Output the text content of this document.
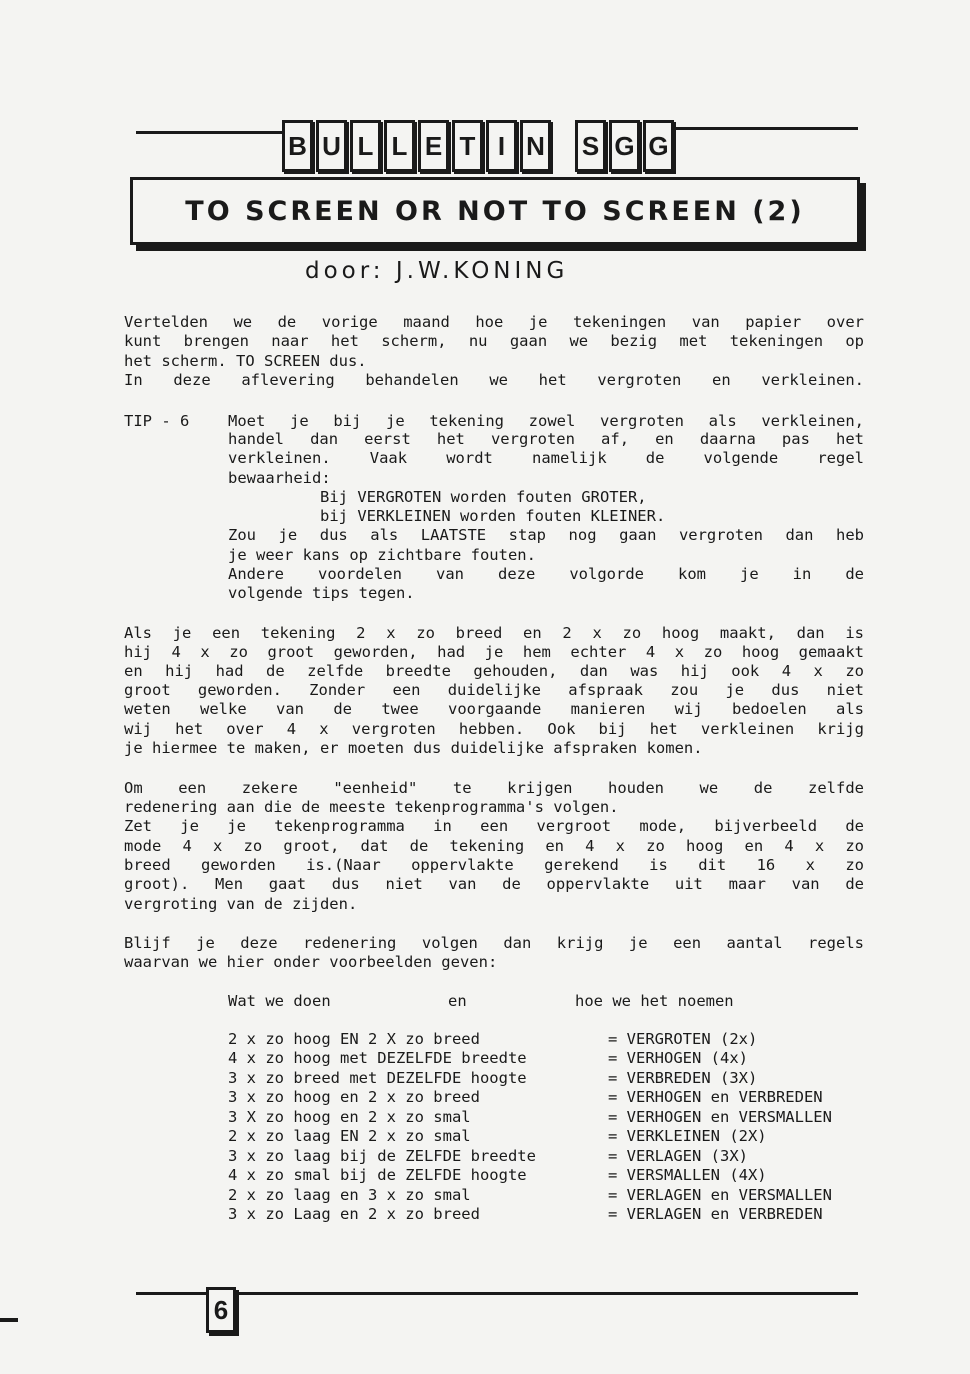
B U L L E T I N S G G
TO SCREEN OR NOT TO SCREEN (2)
door: J.W.KONING
Vertelden we de vorige maand hoe je tekeningen van papier over
kunt brengen naar het scherm, nu gaan we bezig met tekeningen op
het scherm. TO SCREEN dus.
In deze aflevering behandelen we het vergroten en verkleinen.
TIP - 6 Moet je bij je tekening zowel vergroten als verkleinen,
handel dan eerst het vergroten af, en daarna pas het
verkleinen. Vaak wordt namelijk de volgende regel
bewaarheid:
Bij VERGROTEN worden fouten GROTER,
bij VERKLEINEN worden fouten KLEINER.
Zou je dus als LAATSTE stap nog gaan vergroten dan heb
je weer kans op zichtbare fouten.
Andere voordelen van deze volgorde kom je in de
volgende tips tegen.
Als je een tekening 2 x zo breed en 2 x zo hoog maakt, dan is
hij 4 x zo groot geworden, had je hem echter 4 x zo hoog gemaakt
en hij had de zelfde breedte gehouden, dan was hij ook 4 x zo
groot geworden. Zonder een duidelijke afspraak zou je dus niet
weten welke van de twee voorgaande manieren wij bedoelen als
wij het over 4 x vergroten hebben. Ook bij het verkleinen krijg
je hiermee te maken, er moeten dus duidelijke afspraken komen.
Om een zekere "eenheid" te krijgen houden we de zelfde
redenering aan die de meeste tekenprogramma's volgen.
Zet je je tekenprogramma in een vergroot mode, bijverbeeld de
mode 4 x zo groot, dat de tekening en 4 x zo hoog en 4 x zo
breed geworden is.(Naar oppervlakte gerekend is dit 16 x zo
groot). Men gaat dus niet van de oppervlakte uit maar van de
vergroting van de zijden.
Blijf je deze redenering volgen dan krijg je een aantal regels
waarvan we hier onder voorbeelden geven:
Wat we doen	en	hoe we het noemen
2 x zo hoog EN 2 X zo breed	= VERGROTEN (2x)
4 x zo hoog met DEZELFDE breedte	= VERHOGEN (4x)
3 x zo breed met DEZELFDE hoogte	= VERBREDEN (3X)
3 x zo hoog en 2 x zo breed	= VERHOGEN en VERBREDEN
3 X zo hoog en 2 x zo smal	= VERHOGEN en VERSMALLEN
2 x zo laag EN 2 x zo smal	= VERKLEINEN (2X)
3 x zo laag bij de ZELFDE breedte	= VERLAGEN (3X)
4 x zo smal bij de ZELFDE hoogte	= VERSMALLEN (4X)
2 x zo laag en 3 x zo smal	= VERLAGEN en VERSMALLEN
3 x zo Laag en 2 x zo breed	= VERLAGEN en VERBREDEN
6
